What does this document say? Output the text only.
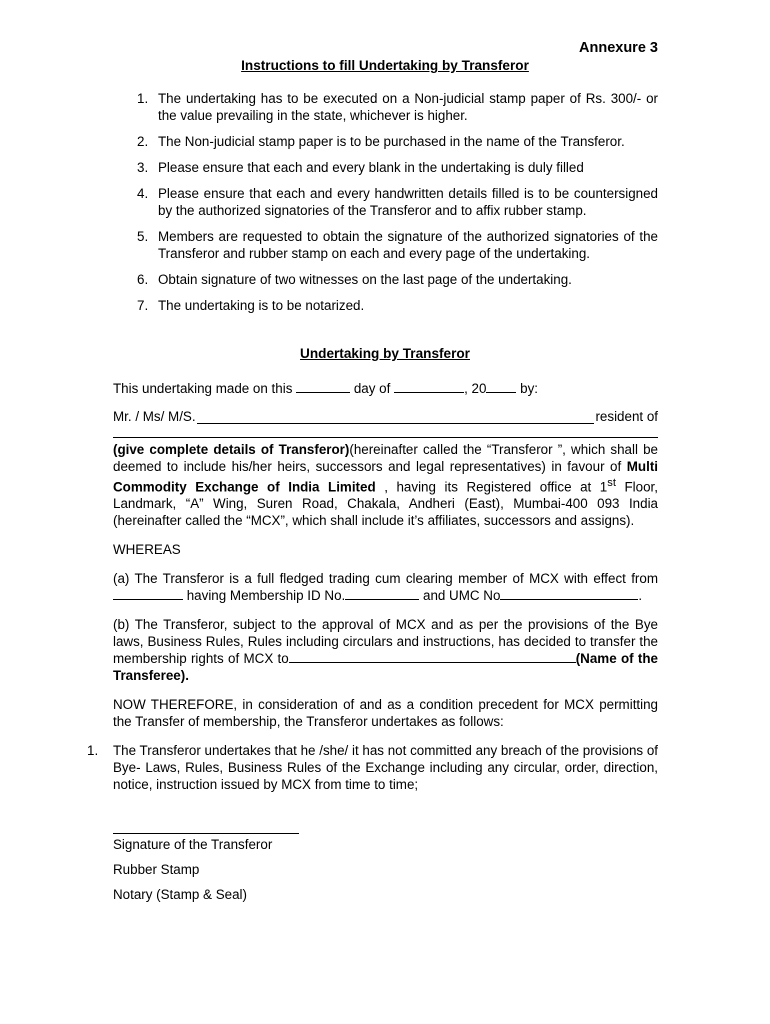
Annexure 3
Instructions to fill Undertaking by Transferor
1. The undertaking has to be executed on a Non-judicial stamp paper of Rs. 300/- or the value prevailing in the state, whichever is higher.
2. The Non-judicial stamp paper is to be purchased in the name of the Transferor.
3. Please ensure that each and every blank in the undertaking is duly filled
4. Please ensure that each and every handwritten details filled is to be countersigned by the authorized signatories of the Transferor and to affix rubber stamp.
5. Members are requested to obtain the signature of the authorized signatories of the Transferor and rubber stamp on each and every page of the undertaking.
6. Obtain signature of two witnesses on the last page of the undertaking.
7. The undertaking is to be notarized.
Undertaking by Transferor

This undertaking made on this	day of	, 20	by:

Mr. / Ms/ M/S.	resident of

(give complete details of Transferor)(hereinafter called the “Transferor ”, which shall be deemed to include his/her heirs, successors and legal representatives) in favour of Multi Commodity Exchange of India Limited , having its Registered office at 1st Floor, Landmark, “A” Wing, Suren Road, Chakala, Andheri (East), Mumbai-400 093 India (hereinafter called the “MCX”, which shall include it’s affiliates, successors and assigns).

WHEREAS

(a) The Transferor is a full fledged trading cum clearing member of MCX with effect from  having Membership ID No.	and UMC No	.

(b) The Transferor, subject to the approval of MCX and as per the provisions of the Bye laws, Business Rules, Rules including circulars and instructions, has decided to transfer the membership rights of MCX to	(Name of the Transferee).

NOW THEREFORE, in consideration of and as a condition precedent for MCX permitting the Transfer of membership, the Transferor undertakes as follows:

1. The Transferor undertakes that he /she/ it has not committed any breach of the provisions of Bye- Laws, Rules, Business Rules of the Exchange including any circular, order, direction, notice, instruction issued by MCX from time to time;

Signature of the Transferor
Rubber Stamp
Notary (Stamp & Seal)
